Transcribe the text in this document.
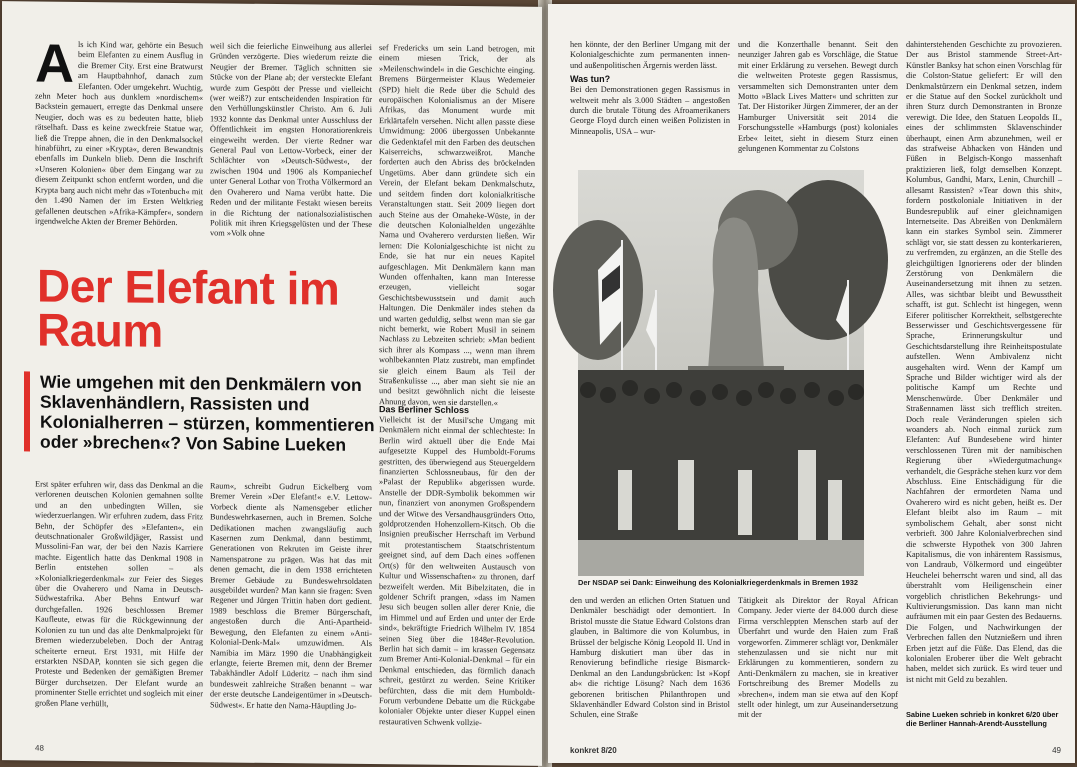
A ls ich Kind war, gehörte ein Besuch beim Elefanten zu einem Ausflug in die Bremer City. Erst eine Bratwurst am Hauptbahnhof, danach zum Elefanten. Oder umgekehrt. Wuchtig, zehn Meter hoch aus dunklem »nordischem« Backstein gemauert, erregte das Denkmal unsere Neugier, doch was es zu bedeuten hatte, blieb rätselhaft. Dass es keine zweckfreie Statue war, ließ die Treppe ahnen, die in den Denkmalsockel hinabführt, zu einer »Krypta«, deren Bewandtnis ebenfalls im Dunkeln blieb. Denn die Inschrift »Unseren Kolonien« über dem Eingang war zu diesem Zeitpunkt schon entfernt worden, und die Krypta barg auch nicht mehr das »Totenbuch« mit den 1.490 Namen der im Ersten Weltkrieg gefallenen deutschen »Afrika-Kämpfer«, sondern irgendwelche Akten der Bremer Behörden.

weil sich die feierliche Einweihung aus allerlei Gründen verzögerte. Dies wiederum reizte die Neugier der Bremer. Täglich schnitten sie Stücke von der Plane ab; der versteckte Elefant wurde zum Gespött der Presse und vielleicht (wer weiß?) zur entscheidenden Inspiration für den Verhüllungskünstler Christo. Am 6. Juli 1932 konnte das Denkmal unter Ausschluss der Öffentlichkeit im engsten Honoratiorenkreis eingeweiht werden. Der vierte Redner war General Paul von Lettow-Vorbeck, einer der Schlächter von »Deutsch-Südwest«, der zwischen 1904 und 1906 als Kompaniechef unter General Lothar von Trotha Völkermord an den Ovaherero und Nama verübt hatte. Die Reden und der militante Festakt wiesen bereits in die Richtung der nationalsozialistischen Politik mit ihren Kriegsgelüsten und der These vom »Volk ohne

sef Fredericks um sein Land betrogen, mit einem miesen Trick, der als »Meilenschwindel« in die Geschichte einging. Bremens Bürgermeister Klaus Wedemeier (SPD) hielt die Rede über die Schuld des europäischen Kolonialismus an der Misere Afrikas, das Monument wurde mit Erklärtafeln versehen. Nicht allen passte diese Umwidmung: 2006 übergossen Unbekannte die Gedenktafel mit den Farben des deutschen Kaiserreichs, schwarzweißrot. Manche forderten auch den Abriss des bröckelnden Ungetüms. Aber dann gründete sich ein Verein, der Elefant bekam Denkmalschutz, und seitdem finden dort kolonialkritische Veranstaltungen statt. Seit 2009 liegen dort auch Steine aus der Omaheke-Wüste, in der die deutschen Kolonialhelden ungezählte Nama und Ovaherero verdursten ließen. Wir lernen: Die Kolonialgeschichte ist nicht zu Ende, sie hat nur ein neues Kapitel aufgeschlagen. Mit Denkmälern kann man Wunden offenhalten, kann man Interesse erzeugen, vielleicht sogar Geschichtsbewusstsein und damit auch Haltungen. Die Denkmäler indes stehen da und warten geduldig, selbst wenn man sie gar nicht bemerkt, wie Robert Musil in seinem Nachlass zu Lebzeiten schrieb: »Man bedient sich ihrer als Kompass ..., wenn man ihrem wohlbekannten Platz zustrebt, man empfindet sie gleich einem Baum als Teil der Straßenkulisse ..., aber man sieht sie nie an und besitzt gewöhnlich nicht die leiseste Ahnung davon, wen sie darstellen.«

Der Elefant im Raum
Wie umgehen mit den Denkmälern von Sklavenhändlern, Rassisten und Kolonialherren – stürzen, kommentieren oder »brechen«? Von Sabine Lueken

Erst später erfuhren wir, dass das Denkmal an die verlorenen deutschen Kolonien gemahnen sollte und an den unbedingten Willen, sie wiederzuerlangen. Wir erfuhren zudem, dass Fritz Behn, der Schöpfer des »Elefanten«, ein deutschnationaler Großwildjäger, Rassist und Mussolini-Fan war, der bei den Nazis Karriere machte. Eigentlich hatte das Denkmal 1908 in Berlin entstehen sollen – als »Kolonialkriegerdenkmal« zur Feier des Sieges über die Ovaherero und Nama in Deutsch-Südwestafrika. Aber Behns Entwurf war durchgefallen. 1926 beschlossen Bremer Kaufleute, etwas für die Rückgewinnung der Kolonien zu tun und das alte Denkmalprojekt für Bremen wiederzubeleben. Doch der Antrag scheiterte erneut. Erst 1931, mit Hilfe der erstarkten NSDAP, konnten sie sich gegen die Proteste und Bedenken der gemäßigten Bremer Bürger durchsetzen. Der Elefant wurde an prominenter Stelle errichtet und sogleich mit einer großen Plane verhüllt,

Raum«, schreibt Gudrun Eickelberg vom Bremer Verein »Der Elefant!« e.V. Lettow-Vorbeck diente als Namensgeber etlicher Bundeswehrkasernen, auch in Bremen. Solche Dedikationen machen zwangsläufig auch Kasernen zum Denkmal, dann bestimmt, Generationen von Rekruten im Geiste ihrer Namenspatrone zu prägen. Was hat das mit denen gemacht, die in dem 1938 errichteten Bremer Gebäude zu Bundeswehrsoldaten ausgebildet wurden? Man kann sie fragen: Sven Regener und Jürgen Trittin haben dort gedient. 1989 beschloss die Bremer Bürgerschaft, angestoßen durch die Anti-Apartheid-Bewegung, den Elefanten zu einem »Anti-Kolonial-Denk-Mal« umzuwidmen. Als Namibia im März 1990 die Unabhängigkeit erlangte, feierte Bremen mit, denn der Bremer Tabakhändler Adolf Lüderitz – nach ihm sind bundesweit zahlreiche Straßen benannt – war der erste deutsche Landeigentümer in »Deutsch-Südwest«. Er hatte den Nama-Häuptling Jo-

Das Berliner Schloss

Vielleicht ist der Musil'sche Umgang mit Denkmälern nicht einmal der schlechteste: In Berlin wird aktuell über die Ende Mai aufgesetzte Kuppel des Humboldt-Forums gestritten, des überwiegend aus Steuergeldern finanzierten Schlossneubaus, für den der »Palast der Republik« abgerissen wurde. Anstelle der DDR-Symbolik bekommen wir nun, finanziert von anonymen Großspendern und der Witwe des Versandhausgründers Otto, goldprotzenden Hohenzollern-Kitsch. Ob die Insignien preußischer Herrschaft im Verbund mit protestantischem Staatschristentum geeignet sind, auf dem Dach eines »offenen Ort(s) für den weltweiten Austausch von Kultur und Wissenschaften« zu thronen, darf bezweifelt werden. Mit Bibelzitaten, die in goldener Schrift prangen, »dass im Namen Jesu sich beugen sollen aller derer Knie, die im Himmel und auf Erden und unter der Erde sind«, bekräftigte Friedrich Wilhelm IV. 1854 seinen Sieg über die 1848er-Revolution. Berlin hat sich damit – im krassen Gegensatz zum Bremer Anti-Kolonial-Denkmal – für ein Denkmal entschieden, das förmlich danach schreit, gestürzt zu werden. Seine Kritiker befürchten, dass die mit dem Humboldt-Forum verbundene Debatte um die Rückgabe kolonialer Objekte unter dieser Kuppel einen restaurativen Schwenk vollzie-

48

hen könnte, der den Berliner Umgang mit der Kolonialgeschichte zum permanenten innen- und außenpolitischen Ärgernis werden lässt.

Was tun?

Bei den Demonstrationen gegen Rassismus in weltweit mehr als 3.000 Städten – angestoßen durch die brutale Tötung des Afroamerikaners George Floyd durch einen weißen Polizisten in Minneapolis, USA – wur-

und die Konzerthalle benannt. Seit den neunziger Jahren gab es Vorschläge, die Statue mit einer Erklärung zu versehen. Bewegt durch die weltweiten Proteste gegen Rassismus, versammelten sich Demonstranten unter dem Motto »Black Lives Matter« und schritten zur Tat. Der Historiker Jürgen Zimmerer, der an der Hamburger Universität seit 2014 die Forschungsstelle »Hamburgs (post) koloniales Erbe« leitet, sieht in diesem Sturz einen gelungenen Kommentar zu Colstons

dahinterstehenden Geschichte zu provozieren. Der aus Bristol stammende Street-Art-Künstler Banksy hat schon einen Vorschlag für die Colston-Statue geliefert: Er will den Denkmalstürzern ein Denkmal setzen, indem er die Statue auf den Sockel zurückholt und ihren Sturz durch Demonstranten in Bronze verewigt. Die Idee, den Statuen Leopolds II., eines der schlimmsten Sklavenschinder überhaupt, einen Arm abzunehmen, weil er das strafweise Abhacken von Händen und Füßen in Belgisch-Kongo massenhaft praktizieren ließ, folgt demselben Konzept. Kolumbus, Gandhi, Marx, Lenin, Churchill – allesamt Rassisten? »Tear down this shit«, fordern postkoloniale Initiativen in der Bundesrepublik auf einer gleichnamigen Internetseite. Das Abreißen von Denkmälern kann ein starkes Symbol sein. Zimmerer schlägt vor, sie statt dessen zu konterkarieren, zu verfremden, zu ergänzen, an die Stelle des gleichgültigen Ignorierens oder der blinden Zerstörung von Denkmälern die Auseinandersetzung mit ihnen zu setzen. Alles, was sichtbar bleibt und Bewusstheit schafft, ist gut. Schlecht ist hingegen, wenn Eiferer politischer Korrektheit, selbstgerechte Besserwisser und Geschichtsvergessene für Sprache, Erinnerungskultur und Geschichtsdarstellung ihre Reinheitspostulate aufstellen. Wenn Ambivalenz nicht ausgehalten wird. Wenn der Kampf um Sprache und Bilder wichtiger wird als der politische Kampf um Rechte und Menschenwürde. Über Denkmäler und Straßennamen lässt sich trefflich streiten. Doch reale Veränderungen spielen sich woanders ab. Noch einmal zurück zum Elefanten: Auf Bundesebene wird hinter verschlossenen Türen mit der namibischen Regierung über »Wiedergutmachung« verhandelt, die Gespräche stehen kurz vor dem Abschluss. Eine Entschädigung für die Nachfahren der ermordeten Nama und Ovaherero wird es nicht geben, heißt es. Der Elefant bleibt also im Raum – mit symbolischem Gehalt, aber sonst nicht verbrieft. 300 Jahre Kolonialverbrechen sind die schwerste Hypothek von 300 Jahren Kapitalismus, die von inhärentem Rassismus, von Landraub, Völkermord und eingeübter Heuchelei beherrscht waren und sind, all das überstrahlt vom Heiligenschein einer vorgeblich christlichen Bekehrungs- und Kultivierungsmission. Das kann man nicht aufräumen mit ein paar Gesten des Bedauerns. Die Folgen, und Nachwirkungen der Verbrechen fallen den Nutznießern und ihren Erben jetzt auf die Füße. Das Elend, das die kolonialen Eroberer über die Welt gebracht haben, meldet sich zurück. Es wird teuer und ist nicht mit Geld zu bezahlen.

Der NSDAP sei Dank: Einweihung des Kolonialkriegerdenkmals in Bremen 1932

den und werden an etlichen Orten Statuen und Denkmäler beschädigt oder demontiert. In Bristol musste die Statue Edward Colstons dran glauben, in Baltimore die von Kolumbus, in Brüssel der belgische König Leopold II. Und in Hamburg diskutiert man über das in Renovierung befindliche riesige Bismarck-Denkmal an den Landungsbrücken: Ist »Kopf ab« die richtige Lösung? Nach dem 1636 geborenen britischen Philanthropen und Sklavenhändler Edward Colston sind in Bristol Schulen, eine Straße

Tätigkeit als Direktor der Royal African Company. Jeder vierte der 84.000 durch diese Firma verschleppten Menschen starb auf der Überfahrt und wurde den Haien zum Fraß vorgeworfen. Zimmerer schlägt vor, Denkmäler stehenzulassen und sie nicht nur mit Erklärungen zu kommentieren, sondern zu Anti-Denkmälern zu machen, sie in kreativer Fortschreibung des Bremer Modells zu »brechen«, indem man sie etwa auf den Kopf stellt oder hinlegt, um zur Auseinandersetzung mit der	Sabine Lueken schrieb in konkret 6/20 über die Berliner Hannah-Arendt-Ausstellung
konkret 8/20	49
